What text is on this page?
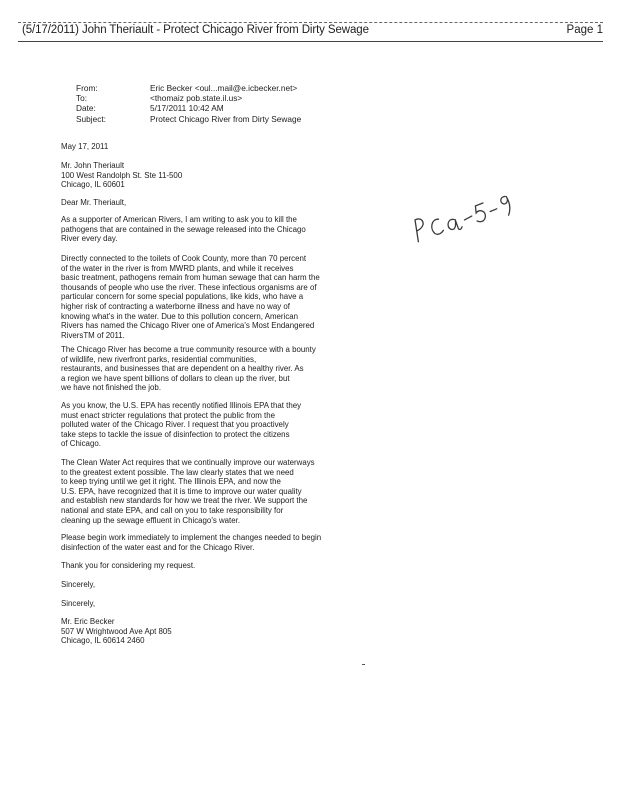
(5/17/2011) John Theriault - Protect Chicago River from Dirty Sewage	Page 1
From:	Eric Becker <oul...mail@e.icbecker.net>
To:	<thomaiz pob.state.il.us>
Date:	5/17/2011 10:42 AM
Subject:	Protect Chicago River from Dirty Sewage
May 17, 2011
Mr. John Theriault
100 West Randolph St. Ste 11-500
Chicago, IL 60601
Dear Mr. Theriault,
As a supporter of American Rivers, I am writing to ask you to kill the
pathogens that are contained in the sewage released into the Chicago
River every day.
Directly connected to the toilets of Cook County, more than 70 percent
of the water in the river is from MWRD plants, and while it receives
basic treatment, pathogens remain from human sewage that can harm the
thousands of people who use the river. These infectious organisms are of
particular concern for some special populations, like kids, who have a
higher risk of contracting a waterborne illness and have no way of
knowing what's in the water. Due to this pollution concern, American
Rivers has named the Chicago River one of America's Most Endangered
RiversTM of 2011.
The Chicago River has become a true community resource with a bounty
of wildlife, new riverfront parks, residential communities,
restaurants, and businesses that are dependent on a healthy river. As
a region we have spent billions of dollars to clean up the river, but
we have not finished the job.
As you know, the U.S. EPA has recently notified Illinois EPA that they
must enact stricter regulations that protect the public from the
polluted water of the Chicago River. I request that you proactively
take steps to tackle the issue of disinfection to protect the citizens
of Chicago.
The Clean Water Act requires that we continually improve our waterways
to the greatest extent possible. The law clearly states that we need
to keep trying until we get it right. The Illinois EPA, and now the
U.S. EPA, have recognized that it is time to improve our water quality
and establish new standards for how we treat the river. We support the
national and state EPA, and call on you to take responsibility for
cleaning up the sewage effluent in Chicago's water.
Please begin work immediately to implement the changes needed to begin
disinfection of the water east and for the Chicago River.
Thank you for considering my request.
Sincerely,
Sincerely,
Mr. Eric Becker
507 W Wrightwood Ave Apt 805
Chicago, IL 60614 2460
